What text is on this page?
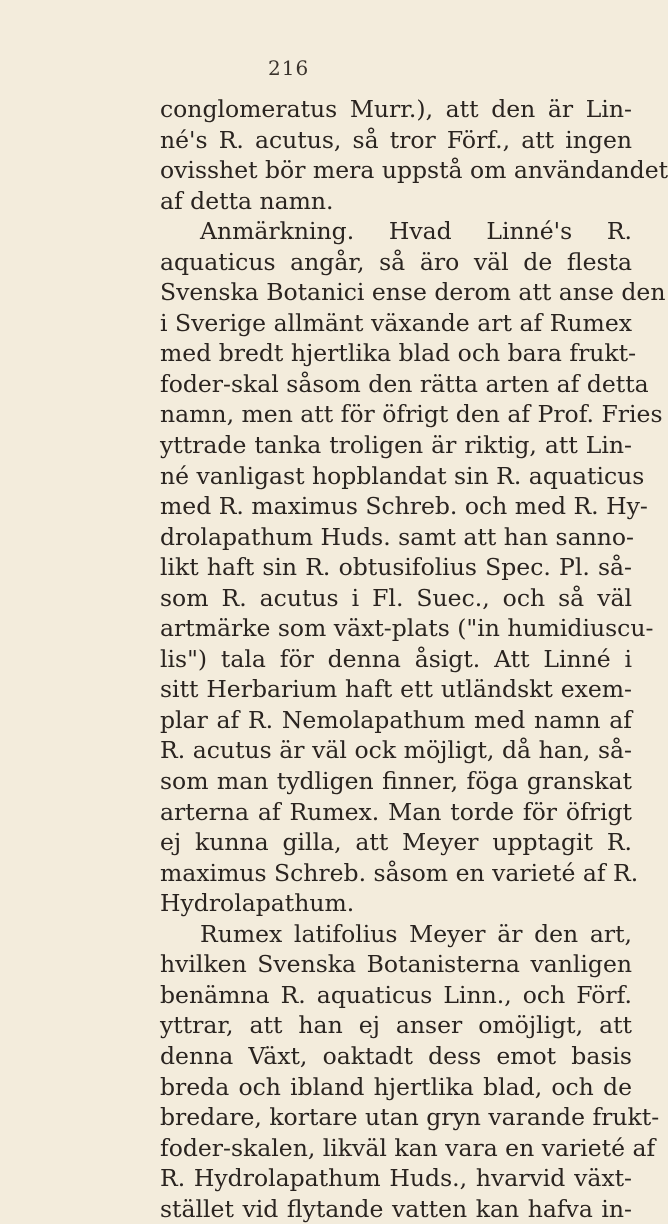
216
conglomeratus Murr.), att den är Lin-
né's R. acutus, så tror Förf., att ingen
ovisshet bör mera uppstå om användandet
af detta namn.
Anmärkning. Hvad Linné's R.
aquaticus angår, så äro väl de flesta
Svenska Botanici ense derom att anse den
i Sverige allmänt växande art af Rumex
med bredt hjertlika blad och bara frukt-
foder-skal såsom den rätta arten af detta
namn, men att för öfrigt den af Prof. Fries
yttrade tanka troligen är riktig, att Lin-
né vanligast hopblandat sin R. aquaticus
med R. maximus Schreb. och med R. Hy-
drolapathum Huds. samt att han sanno-
likt haft sin R. obtusifolius Spec. Pl. så-
som R. acutus i Fl. Suec., och så väl
artmärke som växt-plats ("in humidiuscu-
lis") tala för denna åsigt. Att Linné i
sitt Herbarium haft ett utländskt exem-
plar af R. Nemolapathum med namn af
R. acutus är väl ock möjligt, då han, så-
som man tydligen finner, föga granskat
arterna af Rumex. Man torde för öfrigt
ej kunna gilla, att Meyer upptagit R.
maximus Schreb. såsom en varieté af R.
Hydrolapathum.
Rumex latifolius Meyer är den art,
hvilken Svenska Botanisterna vanligen
benämna R. aquaticus Linn., och Förf.
yttrar, att han ej anser omöjligt, att
denna Växt, oaktadt dess emot basis
breda och ibland hjertlika blad, och de
bredare, kortare utan gryn varande frukt-
foder-skalen, likväl kan vara en varieté af
R. Hydrolapathum Huds., hvarvid växt-
stället vid flytande vatten kan hafva in-
